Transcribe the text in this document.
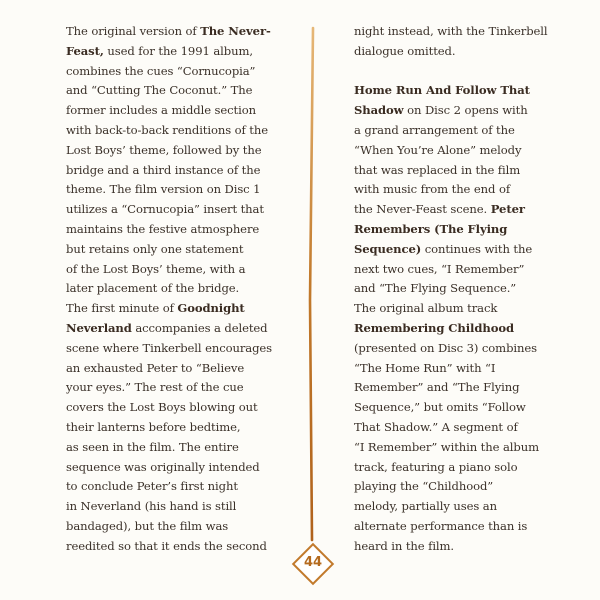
The original version of The Never-
Feast, used for the 1991 album,
combines the cues “Cornucopia”
and “Cutting The Coconut.” The
former includes a middle section
with back-to-back renditions of the
Lost Boys’ theme, followed by the
bridge and a third instance of the
theme. The film version on Disc 1
utilizes a “Cornucopia” insert that
maintains the festive atmosphere
but retains only one statement
of the Lost Boys’ theme, with a
later placement of the bridge.
The first minute of Goodnight
Neverland accompanies a deleted
scene where Tinkerbell encourages
an exhausted Peter to “Believe
your eyes.” The rest of the cue
covers the Lost Boys blowing out
their lanterns before bedtime,
as seen in the film. The entire
sequence was originally intended
to conclude Peter’s first night
in Neverland (his hand is still
bandaged), but the film was
reedited so that it ends the second
44
night instead, with the Tinkerbell
dialogue omitted.
Home Run And Follow That
Shadow on Disc 2 opens with
a grand arrangement of the
“When You’re Alone” melody
that was replaced in the film
with music from the end of
the Never-Feast scene. Peter
Remembers (The Flying
Sequence) continues with the
next two cues, “I Remember”
and “The Flying Sequence.”
The original album track
Remembering Childhood
(presented on Disc 3) combines
“The Home Run” with “I
Remember” and “The Flying
Sequence,” but omits “Follow
That Shadow.” A segment of
“I Remember” within the album
track, featuring a piano solo
playing the “Childhood”
melody, partially uses an
alternate performance than is
heard in the film.
